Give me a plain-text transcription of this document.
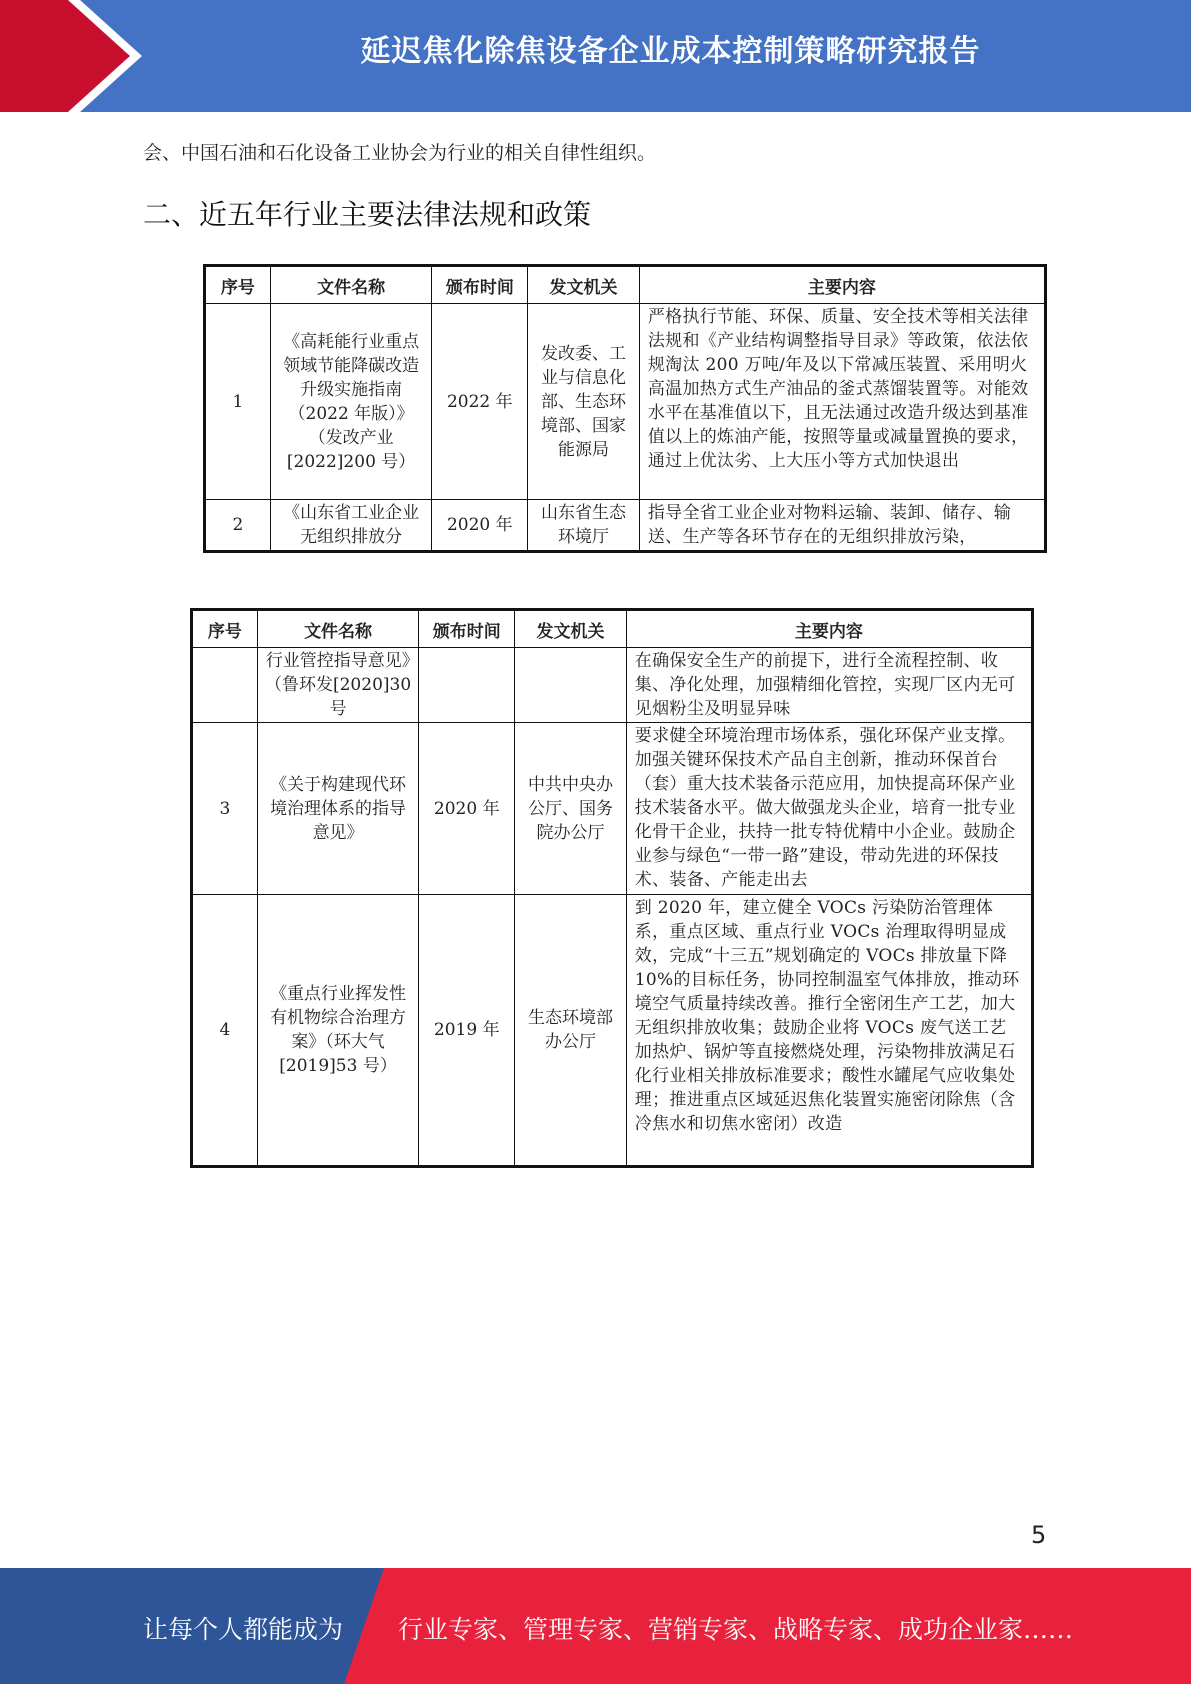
延迟焦化除焦设备企业成本控制策略研究报告
会、中国石油和石化设备工业协会为行业的相关自律性组织。
二、近五年行业主要法律法规和政策
序号	文件名称	颁布时间	发文机关	主要内容
1	《高耗能行业重点领域节能降碳改造升级实施指南（2022 年版）》（发改产业[2022]200 号）	2022 年	发改委、工业与信息化部、生态环境部、国家能源局	严格执行节能、环保、质量、安全技术等相关法律法规和《产业结构调整指导目录》等政策，依法依规淘汰 200 万吨/年及以下常减压装置、采用明火高温加热方式生产油品的釜式蒸馏装置等。对能效水平在基准值以下，且无法通过改造升级达到基准值以上的炼油产能，按照等量或减量置换的要求，通过上优汰劣、上大压小等方式加快退出
2	《山东省工业企业无组织排放分	2020 年	山东省生态环境厅	指导全省工业企业对物料运输、装卸、储存、输送、生产等各环节存在的无组织排放污染，
序号	文件名称	颁布时间	发文机关	主要内容
	行业管控指导意见》（鲁环发[2020]30 号			在确保安全生产的前提下，进行全流程控制、收集、净化处理，加强精细化管控，实现厂区内无可见烟粉尘及明显异味
3	《关于构建现代环境治理体系的指导意见》	2020 年	中共中央办公厅、国务院办公厅	要求健全环境治理市场体系，强化环保产业支撑。加强关键环保技术产品自主创新，推动环保首台（套）重大技术装备示范应用，加快提高环保产业技术装备水平。做大做强龙头企业，培育一批专业化骨干企业，扶持一批专特优精中小企业。鼓励企业参与绿色“一带一路”建设，带动先进的环保技术、装备、产能走出去
4	《重点行业挥发性有机物综合治理方案》（环大气[2019]53 号）	2019 年	生态环境部办公厅	到 2020 年，建立健全 VOCs 污染防治管理体系，重点区域、重点行业 VOCs 治理取得明显成效，完成“十三五”规划确定的 VOCs 排放量下降 10%的目标任务，协同控制温室气体排放，推动环境空气质量持续改善。推行全密闭生产工艺，加大无组织排放收集；鼓励企业将 VOCs 废气送工艺加热炉、锅炉等直接燃烧处理，污染物排放满足石化行业相关排放标准要求；酸性水罐尾气应收集处理；推进重点区域延迟焦化装置实施密闭除焦（含冷焦水和切焦水密闭）改造
5
让每个人都能成为 行业专家、管理专家、营销专家、战略专家、成功企业家……
